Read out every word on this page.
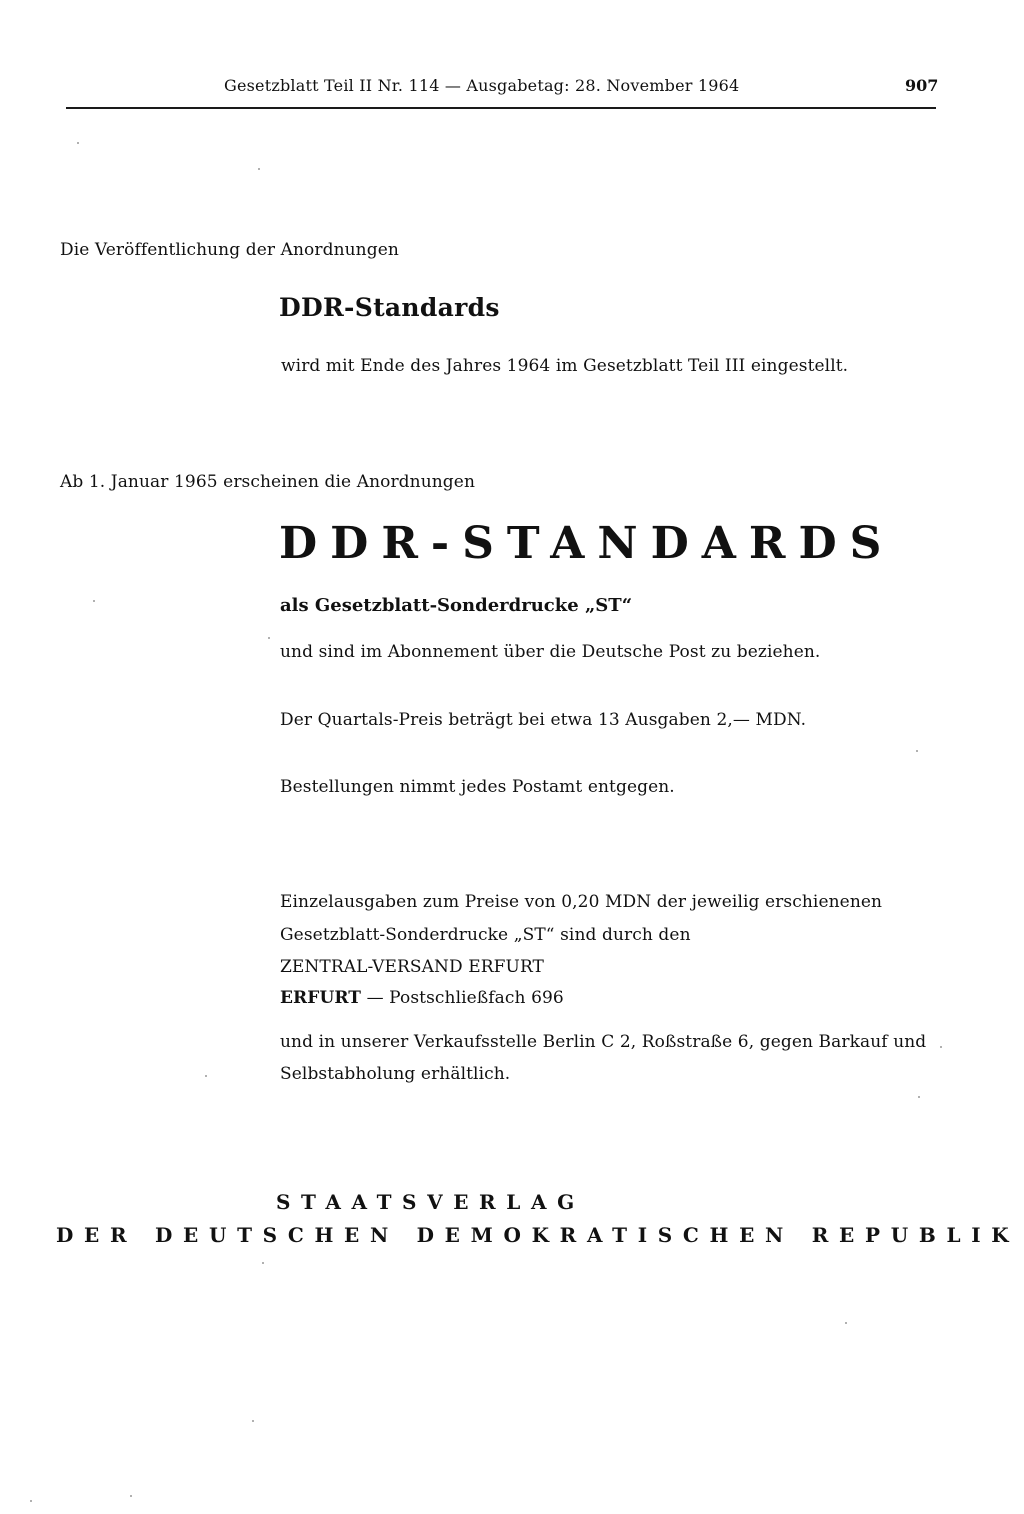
Gesetzblatt Teil II Nr. 114 — Ausgabetag: 28. November 1964	907
Die Veröffentlichung der Anordnungen
DDR-Standards
wird mit Ende des Jahres 1964 im Gesetzblatt Teil III eingestellt.
Ab 1. Januar 1965 erscheinen die Anordnungen
DDR-STANDARDS
als Gesetzblatt-Sonderdrucke „ST“
und sind im Abonnement über die Deutsche Post zu beziehen.
Der Quartals-Preis beträgt bei etwa 13 Ausgaben 2,— MDN.
Bestellungen nimmt jedes Postamt entgegen.
Einzelausgaben zum Preise von 0,20 MDN der jeweilig erschienenen
Gesetzblatt-Sonderdrucke „ST“ sind durch den
ZENTRAL-VERSAND ERFURT
ERFURT — Postschließfach 696
und in unserer Verkaufsstelle Berlin C 2, Roßstraße 6, gegen Barkauf und
Selbstabholung erhältlich.
STAATSVERLAG
DER DEUTSCHEN DEMOKRATISCHEN REPUBLIK
